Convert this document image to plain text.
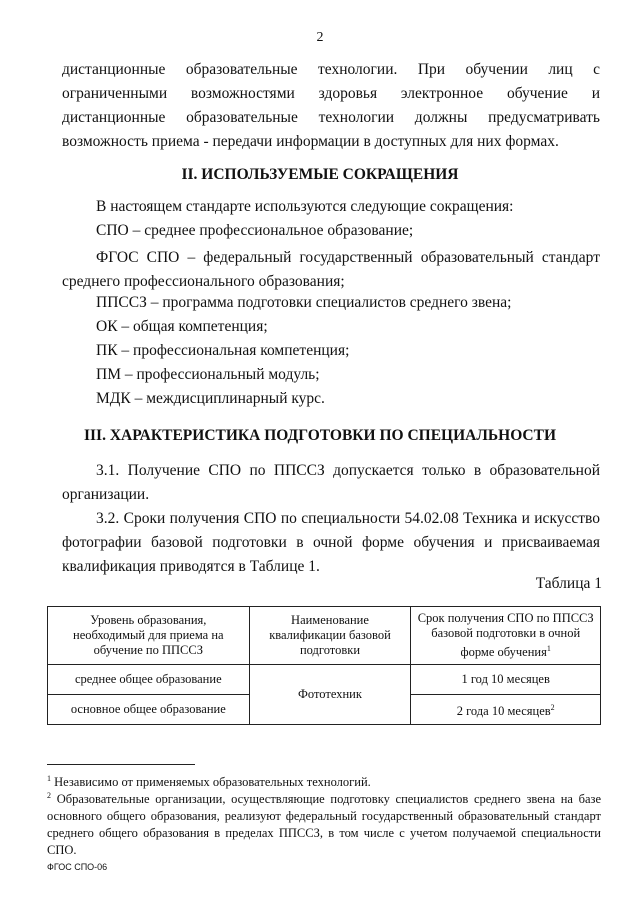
2

дистанционные образовательные технологии. При обучении лиц с ограниченными возможностями здоровья электронное обучение и дистанционные образовательные технологии должны предусматривать возможность приема - передачи информации в доступных для них формах.

II. ИСПОЛЬЗУЕМЫЕ СОКРАЩЕНИЯ

В настоящем стандарте используются следующие сокращения:

СПО – среднее профессиональное образование;

ФГОС СПО – федеральный государственный образовательный стандарт среднего профессионального образования;

ППССЗ – программа подготовки специалистов среднего звена;

ОК – общая компетенция;

ПК – профессиональная компетенция;

ПМ – профессиональный модуль;

МДК – междисциплинарный курс.

III. ХАРАКТЕРИСТИКА ПОДГОТОВКИ ПО СПЕЦИАЛЬНОСТИ

3.1. Получение СПО по ППССЗ допускается только в образовательной организации.

3.2. Сроки получения СПО по специальности 54.02.08 Техника и искусство фотографии базовой подготовки в очной форме обучения и присваиваемая квалификация приводятся в Таблице 1.

Таблица 1
Уровень образования, необходимый для приема на обучение по ППССЗ	Наименование квалификации базовой подготовки	Срок получения СПО по ППССЗ базовой подготовки в очной форме обучения$^1$
среднее общее образование	Фототехник	1 год 10 месяцев
основное общее образование		2 года 10 месяцев$^2$

$^1$ Независимо от применяемых образовательных технологий.

$^2$ Образовательные организации, осуществляющие подготовку специалистов среднего звена на базе основного общего образования, реализуют федеральный государственный образовательный стандарт среднего общего образования в пределах ППССЗ, в том числе с учетом получаемой специальности СПО.

ФГОС СПО-06
